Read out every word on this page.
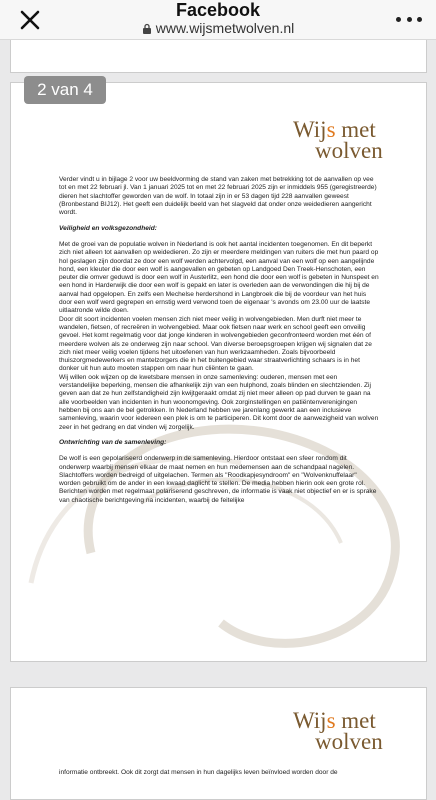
Facebook
www.wijsmetwolven.nl
2 van 4
Wijs met
wolven

Verder vindt u in bijlage 2 voor uw beeldvorming de stand van zaken met betrekking tot de aanvallen op vee tot en met 22 februari jl. Van 1 januari 2025 tot en met 22 februari 2025 zijn er inmiddels 955 (geregistreerde) dieren het slachtoffer geworden van de wolf. In totaal zijn in er 53 dagen tijd 228 aanvallen geweest (Bronbestand BIJ12). Het geeft een duidelijk beeld van het slagveld dat onder onze weidedieren aangericht wordt.

Veiligheid en volksgezondheid:

Met de groei van de populatie wolven in Nederland is ook het aantal incidenten toegenomen. En dit beperkt zich niet alleen tot aanvallen op weidedieren. Zo zijn er meerdere meldingen van ruiters die met hun paard op hol geslagen zijn doordat ze door een wolf werden achtervolgd, een aanval van een wolf op een aangelijnde hond, een kleuter die door een wolf is aangevallen en gebeten op Landgoed Den Treek-Henschoten, een peuter die omver geduwd is door een wolf in Austerlitz, een hond die door een wolf is gebeten in Nunspeet en een hond in Harderwijk die door een wolf is gepakt en later is overleden aan de verwondingen die hij bij de aanval had opgelopen. En zelfs een Mechelse herdershond in Langbroek die bij de voordeur van het huis door een wolf werd gegrepen en ernstig werd verwond toen de eigenaar 's avonds om 23.00 uur de laatste uitlaatronde wilde doen.

Door dit soort incidenten voelen mensen zich niet meer veilig in wolvengebieden. Men durft niet meer te wandelen, fietsen, of recreëren in wolvengebied. Maar ook fietsen naar werk en school geeft een onveilig gevoel. Het komt regelmatig voor dat jonge kinderen in wolvengebieden geconfronteerd worden met één of meerdere wolven als ze onderweg zijn naar school. Van diverse beroepsgroepen krijgen wij signalen dat ze zich niet meer veilig voelen tijdens het uitoefenen van hun werkzaamheden. Zoals bijvoorbeeld thuiszorgmedewerkers en mantelzorgers die in het buitengebied waar straatverlichting schaars is in het donker uit hun auto moeten stappen om naar hun cliënten te gaan.

Wij willen ook wijzen op de kwetsbare mensen in onze samenleving: ouderen, mensen met een verstandelijke beperking, mensen die afhankelijk zijn van een hulphond, zoals blinden en slechtzienden. Zij geven aan dat ze hun zelfstandigheid zijn kwijtgeraakt omdat zij niet meer alleen op pad durven te gaan na alle voorbeelden van incidenten in hun woonomgeving. Ook zorginstellingen en patiëntenverenigingen hebben bij ons aan de bel getrokken. In Nederland hebben we jarenlang gewerkt aan een inclusieve samenleving, waarin voor iedereen een plek is om te participeren. Dit komt door de aanwezigheid van wolven zeer in het gedrang en dat vinden wij zorgelijk.

Ontwrichting van de samenleving:

De wolf is een gepolariseerd onderwerp in de samenleving. Hierdoor ontstaat een sfeer rondom dit onderwerp waarbij mensen elkaar de maat nemen en hun medemensen aan de schandpaal nagelen. Slachtoffers worden bedreigd of uitgelachen. Termen als "Roodkapjesyndroom" en "Wolvenknuffelaar" worden gebruikt om de ander in een kwaad daglicht te stellen. De media hebben hierin ook een grote rol. Berichten worden met regelmaat polariserend geschreven, de informatie is vaak niet objectief en er is sprake van chaotische berichtgeving na incidenten, waarbij de feitelijke

Wijs met
wolven
informatie ontbreekt. Ook dit zorgt dat mensen in hun dagelijks leven beïnvloed worden door de
